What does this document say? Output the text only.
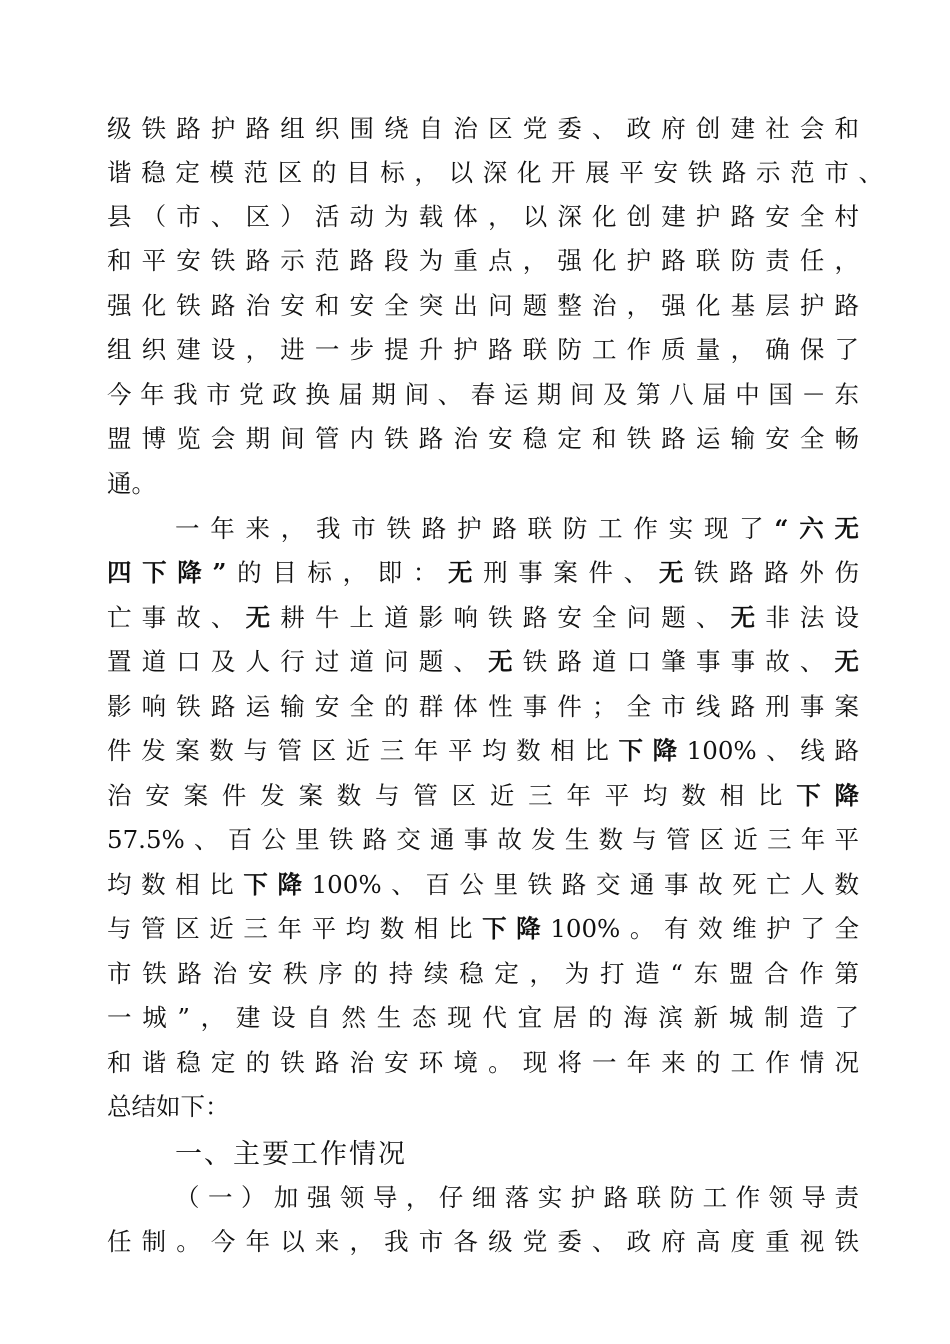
级铁路护路组织围绕自治区党委、政府创建社会和
谐稳定模范区的目标，以深化开展平安铁路示范市、
县（市、区）活动为载体，以深化创建护路安全村
和平安铁路示范路段为重点，强化护路联防责任，
强化铁路治安和安全突出问题整治，强化基层护路
组织建设，进一步提升护路联防工作质量，确保了
今年我市党政换届期间、春运期间及第八届中国－东
盟博览会期间管内铁路治安稳定和铁路运输安全畅
通。
一年来，我市铁路护路联防工作实现了“六无
四下降”的目标，即：无刑事案件、无铁路路外伤
亡事故、无耕牛上道影响铁路安全问题、无非法设
置道口及人行过道问题、无铁路道口肇事事故、无
影响铁路运输安全的群体性事件；全市线路刑事案
件发案数与管区近三年平均数相比下降100%、线路
治安案件发案数与管区近三年平均数相比下降
57.5%、百公里铁路交通事故发生数与管区近三年平
均数相比下降100%、百公里铁路交通事故死亡人数
与管区近三年平均数相比下降100%。有效维护了全
市铁路治安秩序的持续稳定，为打造“东盟合作第
一城”，建设自然生态现代宜居的海滨新城制造了
和谐稳定的铁路治安环境。现将一年来的工作情况
总结如下：
一、主要工作情况
（一）加强领导，仔细落实护路联防工作领导责
任制。今年以来，我市各级党委、政府高度重视铁
